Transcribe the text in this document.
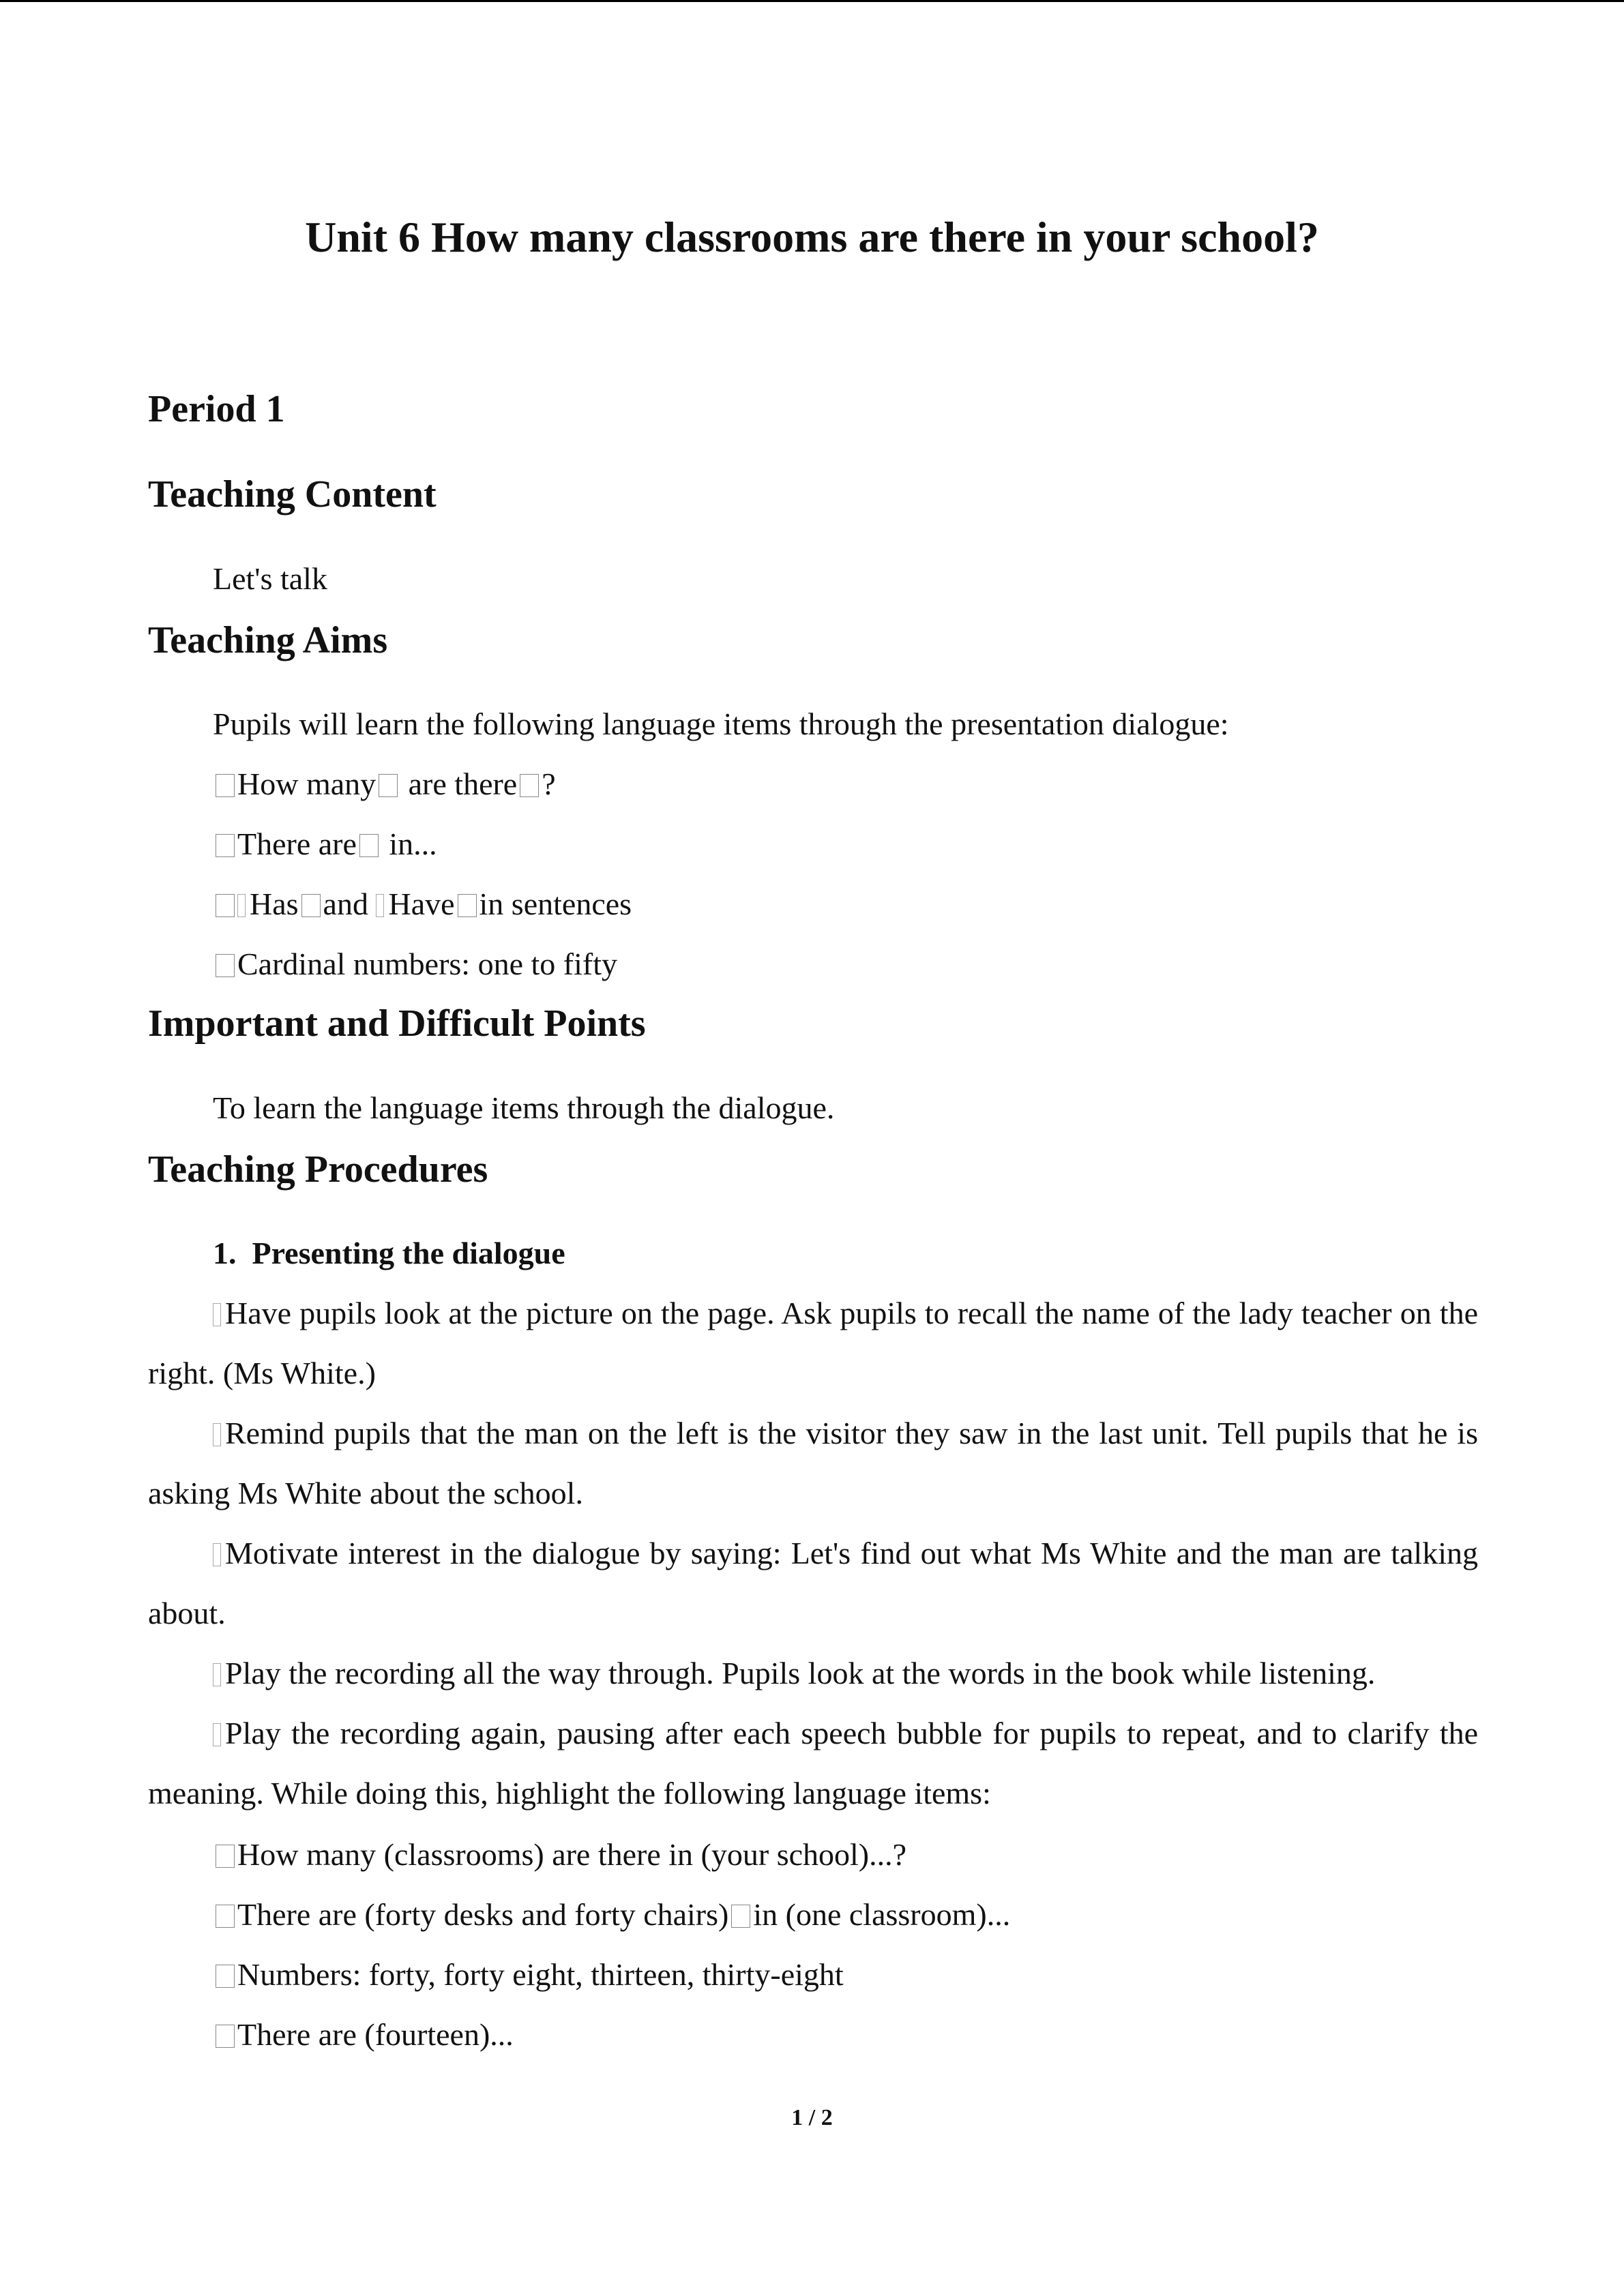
Unit 6 How many classrooms are there in your school?
Period 1
Teaching Content
Let's talk
Teaching Aims
Pupils will learn the following language items through the presentation dialogue:
How many are there ?
There are in...
Has and Have in sentences
Cardinal numbers: one to fifty
Important and Difficult Points
To learn the language items through the dialogue.
Teaching Procedures
1. Presenting the dialogue
Have pupils look at the picture on the page. Ask pupils to recall the name of the lady teacher on the right. (Ms White.)
Remind pupils that the man on the left is the visitor they saw in the last unit. Tell pupils that he is asking Ms White about the school.
Motivate interest in the dialogue by saying: Let's find out what Ms White and the man are talking about.
Play the recording all the way through. Pupils look at the words in the book while listening.
Play the recording again, pausing after each speech bubble for pupils to repeat, and to clarify the meaning. While doing this, highlight the following language items:
How many (classrooms) are there in (your school)...?
There are (forty desks and forty chairs) in (one classroom)...
Numbers: forty, forty eight, thirteen, thirty-eight
There are (fourteen)...
1 / 2
